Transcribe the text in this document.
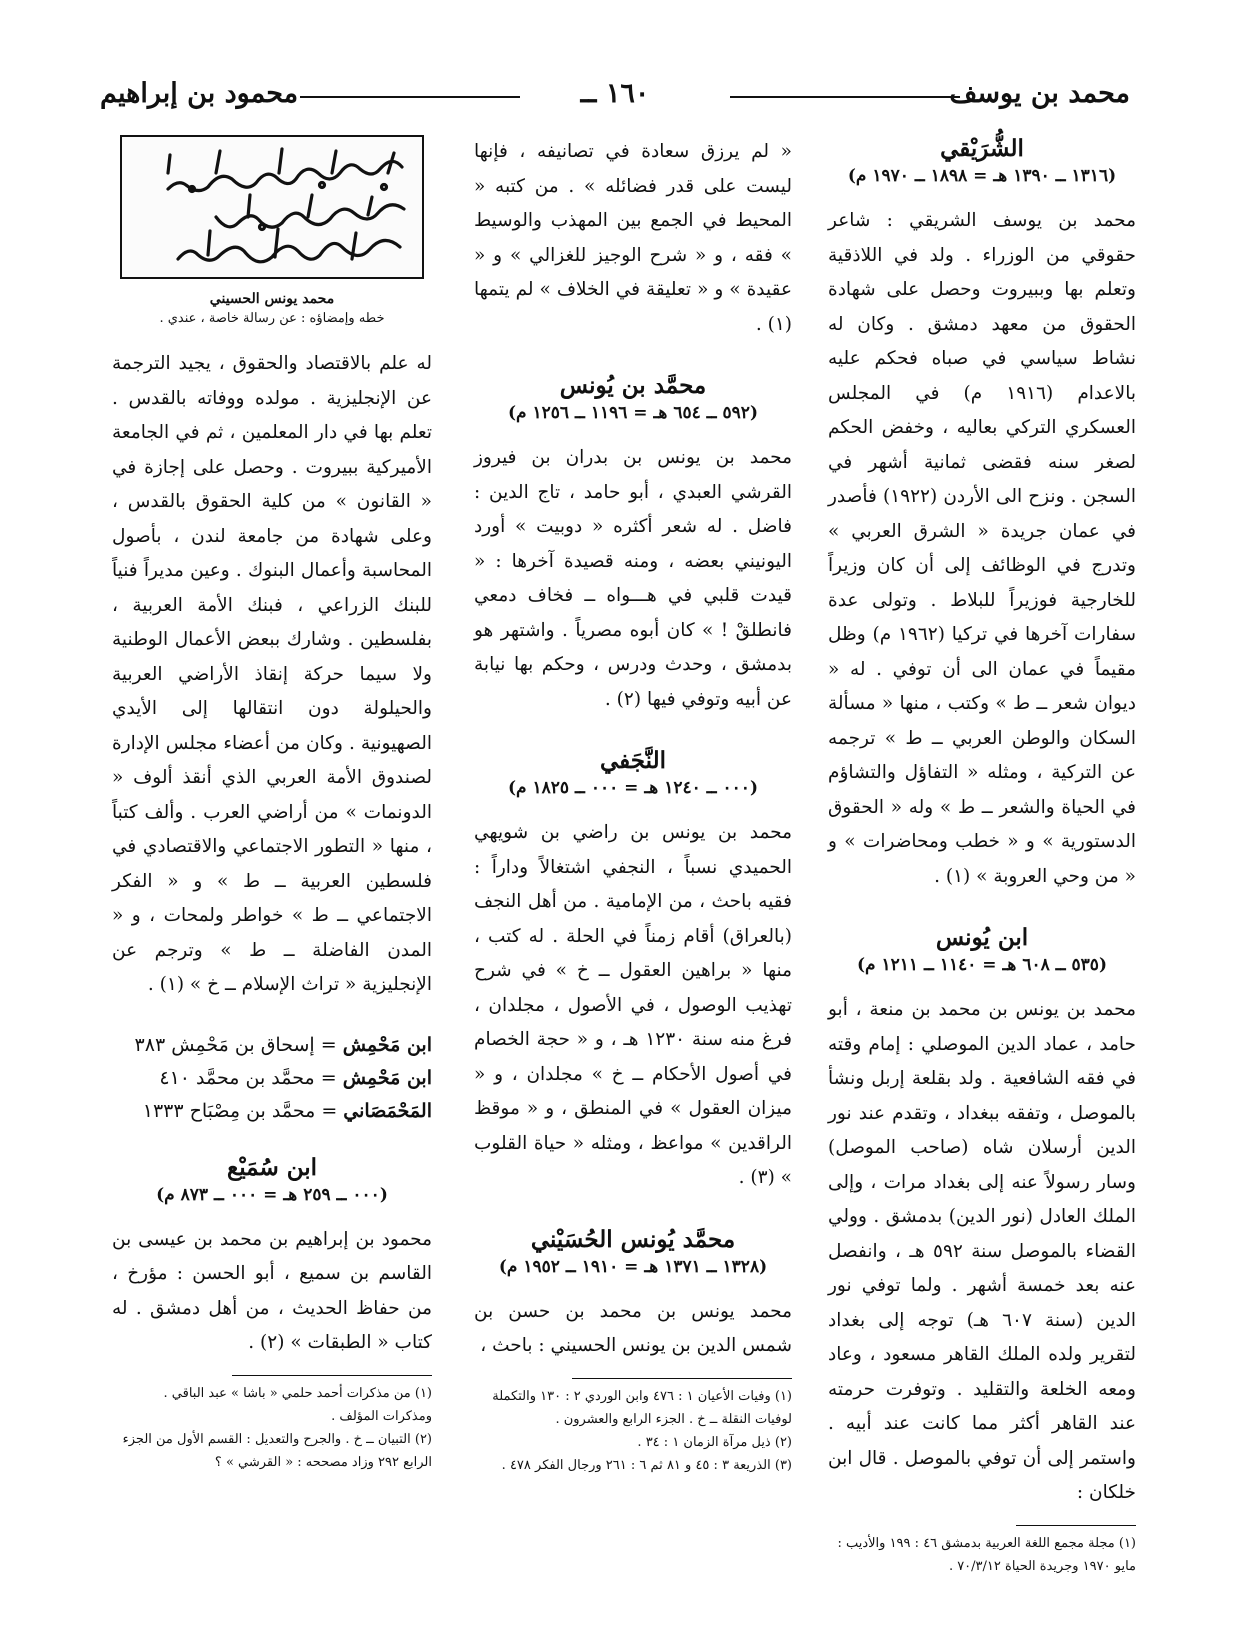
محمد بن يوسف
١٦٠ ــ
محمود بن إبراهيم
الشُّرَيْقي
(١٣١٦ ــ ١٣٩٠ هـ = ١٨٩٨ ــ ١٩٧٠ م)

محمد بن يوسف الشريقي : شاعر حقوقي من الوزراء . ولد في اللاذقية وتعلم بها وببيروت وحصل على شهادة الحقوق من معهد دمشق . وكان له نشاط سياسي في صباه فحكم عليه بالاعدام (١٩١٦ م) في المجلس العسكري التركي بعاليه ، وخفض الحكم لصغر سنه فقضى ثمانية أشهر في السجن . ونزح الى الأردن (١٩٢٢) فأصدر في عمان جريدة « الشرق العربي » وتدرج في الوظائف إلى أن كان وزيراً للخارجية فوزيراً للبلاط . وتولى عدة سفارات آخرها في تركيا (١٩٦٢ م) وظل مقيماً في عمان الى أن توفي . له « ديوان شعر ــ ط » وكتب ، منها « مسألة السكان والوطن العربي ــ ط » ترجمه عن التركية ، ومثله « التفاؤل والتشاؤم في الحياة والشعر ــ ط » وله « الحقوق الدستورية » و « خطب ومحاضرات » و « من وحي العروبة » (١) .

ابن يُونس
(٥٣٥ ــ ٦٠٨ هـ = ١١٤٠ ــ ١٢١١ م)

محمد بن يونس بن محمد بن منعة ، أبو حامد ، عماد الدين الموصلي : إمام وقته في فقه الشافعية . ولد بقلعة إربل ونشأ بالموصل ، وتفقه ببغداد ، وتقدم عند نور الدين أرسلان شاه (صاحب الموصل) وسار رسولاً عنه إلى بغداد مرات ، وإلى الملك العادل (نور الدين) بدمشق . وولي القضاء بالموصل سنة ٥٩٢ هـ ، وانفصل عنه بعد خمسة أشهر . ولما توفي نور الدين (سنة ٦٠٧ هـ) توجه إلى بغداد لتقرير ولده الملك القاهر مسعود ، وعاد ومعه الخلعة والتقليد . وتوفرت حرمته عند القاهر أكثر مما كانت عند أبيه . واستمر إلى أن توفي بالموصل . قال ابن خلكان :

(١) مجلة مجمع اللغة العربية بدمشق ٤٦ : ١٩٩ والأديب : مايو ١٩٧٠ وجريدة الحياة ٧٠/٣/١٢ .

« لم يرزق سعادة في تصانيفه ، فإنها ليست على قدر فضائله » . من كتبه « المحيط في الجمع بين المهذب والوسيط » فقه ، و « شرح الوجيز للغزالي » و « عقيدة » و « تعليقة في الخلاف » لم يتمها (١) .

محمَّد بن يُونس
(٥٩٢ ــ ٦٥٤ هـ = ١١٩٦ ــ ١٢٥٦ م)

محمد بن يونس بن بدران بن فيروز القرشي العبدي ، أبو حامد ، تاج الدين : فاضل . له شعر أكثره « دوبيت » أورد اليونيني بعضه ، ومنه قصيدة آخرها : « قيدت قلبي في هـــواه ــ فخاف دمعي فانطلقْ ! » كان أبوه مصرياً . واشتهر هو بدمشق ، وحدث ودرس ، وحكم بها نيابة عن أبيه وتوفي فيها (٢) .

النَّجَفي
(٠٠٠ ــ ١٢٤٠ هـ = ٠٠٠ ــ ١٨٢٥ م)

محمد بن يونس بن راضي بن شويهي الحميدي نسباً ، النجفي اشتغالاً وداراً : فقيه باحث ، من الإمامية . من أهل النجف (بالعراق) أقام زمناً في الحلة . له كتب ، منها « براهين العقول ــ خ » في شرح تهذيب الوصول ، في الأصول ، مجلدان ، فرغ منه سنة ١٢٣٠ هـ ، و « حجة الخصام في أصول الأحكام ــ خ » مجلدان ، و « ميزان العقول » في المنطق ، و « موقظ الراقدين » مواعظ ، ومثله « حياة القلوب » (٣) .

محمَّد يُونس الحُسَيْني
(١٣٢٨ ــ ١٣٧١ هـ = ١٩١٠ ــ ١٩٥٢ م)

محمد يونس بن محمد بن حسن بن شمس الدين بن يونس الحسيني : باحث ،

(١) وفيات الأعيان ١ : ٤٧٦ وابن الوردي ٢ : ١٣٠ والتكملة لوفيات النقلة ــ خ . الجزء الرابع والعشرون .
(٢) ذيل مرآة الزمان ١ : ٣٤ .
(٣) الذريعة ٣ : ٤٥ و ٨١ ثم ٦ : ٢٦١ ورجال الفكر ٤٧٨ .
محمد يونس الحسيني
خطه وإمضاؤه : عن رسالة خاصة ، عندي .

له علم بالاقتصاد والحقوق ، يجيد الترجمة عن الإنجليزية . مولده ووفاته بالقدس . تعلم بها في دار المعلمين ، ثم في الجامعة الأميركية ببيروت . وحصل على إجازة في « القانون » من كلية الحقوق بالقدس ، وعلى شهادة من جامعة لندن ، بأصول المحاسبة وأعمال البنوك . وعين مديراً فنياً للبنك الزراعي ، فبنك الأمة العربية ، بفلسطين . وشارك ببعض الأعمال الوطنية ولا سيما حركة إنقاذ الأراضي العربية والحيلولة دون انتقالها إلى الأيدي الصهيونية . وكان من أعضاء مجلس الإدارة لصندوق الأمة العربي الذي أنقذ ألوف « الدونمات » من أراضي العرب . وألف كتباً ، منها « التطور الاجتماعي والاقتصادي في فلسطين العربية ــ ط » و « الفكر الاجتماعي ــ ط » خواطر ولمحات ، و « المدن الفاضلة ــ ط » وترجم عن الإنجليزية « تراث الإسلام ــ خ » (١) .

ابن مَحْمِش = إسحاق بن مَحْمِش ٣٨٣
ابن مَحْمِش = محمَّد بن محمَّد ٤١٠
المَحْمَصَاني = محمَّد بن مِصْبَاح ١٣٣٣
ابن سُمَيْع
(٠٠٠ ــ ٢٥٩ هـ = ٠٠٠ ــ ٨٧٣ م)

محمود بن إبراهيم بن محمد بن عيسى بن القاسم بن سميع ، أبو الحسن : مؤرخ ، من حفاظ الحديث ، من أهل دمشق . له كتاب « الطبقات » (٢) .

(١) من مذكرات أحمد حلمي « باشا » عبد الباقي . ومذكرات المؤلف .
(٢) التبيان ــ خ . والجرح والتعديل : القسم الأول من الجزء الرابع ٢٩٢ وزاد مصححه : « القرشي » ؟
